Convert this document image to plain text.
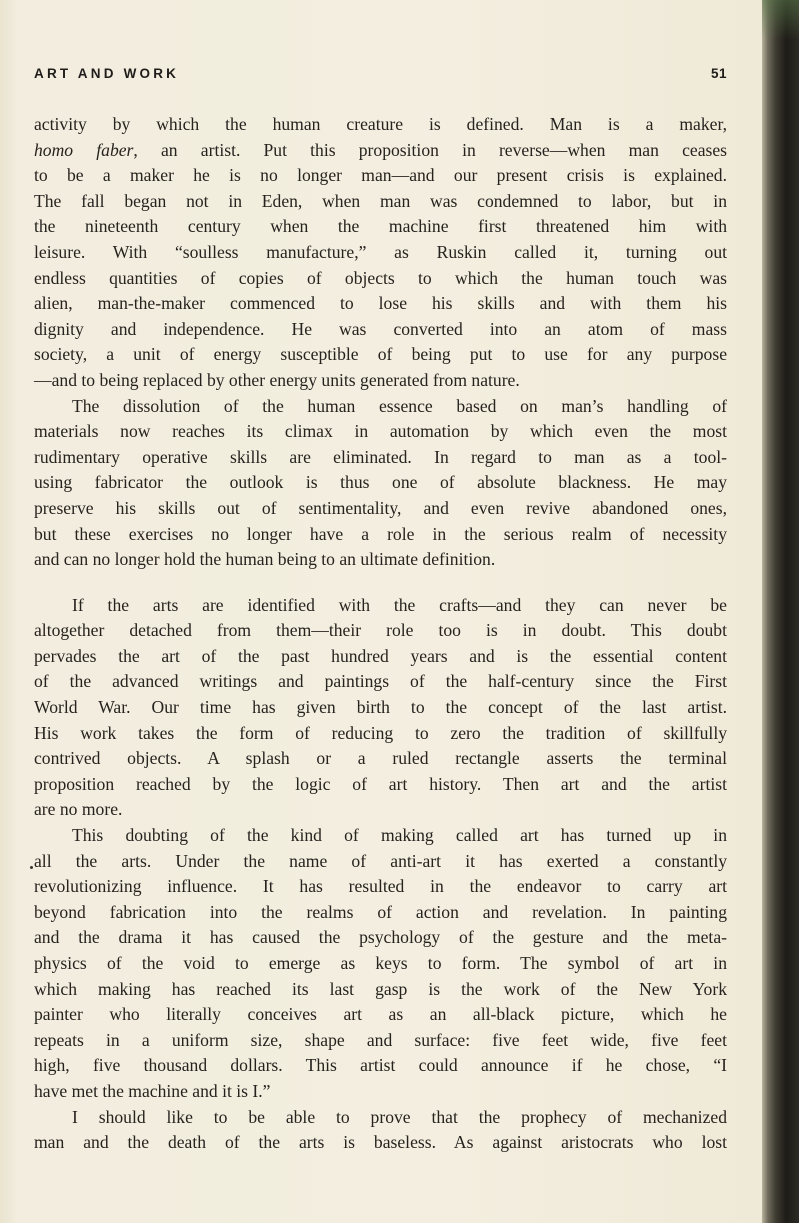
ART AND WORK	51
activity by which the human creature is defined. Man is a maker,
homo faber, an artist. Put this proposition in reverse—when man ceases
to be a maker he is no longer man—and our present crisis is explained.
The fall began not in Eden, when man was condemned to labor, but in
the nineteenth century when the machine first threatened him with
leisure. With “soulless manufacture,” as Ruskin called it, turning out
endless quantities of copies of objects to which the human touch was
alien, man-the-maker commenced to lose his skills and with them his
dignity and independence. He was converted into an atom of mass
society, a unit of energy susceptible of being put to use for any purpose
—and to being replaced by other energy units generated from nature.
The dissolution of the human essence based on man’s handling of
materials now reaches its climax in automation by which even the most
rudimentary operative skills are eliminated. In regard to man as a tool-
using fabricator the outlook is thus one of absolute blackness. He may
preserve his skills out of sentimentality, and even revive abandoned ones,
but these exercises no longer have a role in the serious realm of necessity
and can no longer hold the human being to an ultimate definition.
If the arts are identified with the crafts—and they can never be
altogether detached from them—their role too is in doubt. This doubt
pervades the art of the past hundred years and is the essential content
of the advanced writings and paintings of the half-century since the First
World War. Our time has given birth to the concept of the last artist.
His work takes the form of reducing to zero the tradition of skillfully
contrived objects. A splash or a ruled rectangle asserts the terminal
proposition reached by the logic of art history. Then art and the artist
are no more.
This doubting of the kind of making called art has turned up in
all the arts. Under the name of anti-art it has exerted a constantly
revolutionizing influence. It has resulted in the endeavor to carry art
beyond fabrication into the realms of action and revelation. In painting
and the drama it has caused the psychology of the gesture and the meta-
physics of the void to emerge as keys to form. The symbol of art in
which making has reached its last gasp is the work of the New York
painter who literally conceives art as an all-black picture, which he
repeats in a uniform size, shape and surface: five feet wide, five feet
high, five thousand dollars. This artist could announce if he chose, “I
have met the machine and it is I.”
I should like to be able to prove that the prophecy of mechanized
man and the death of the arts is baseless. As against aristocrats who lost
